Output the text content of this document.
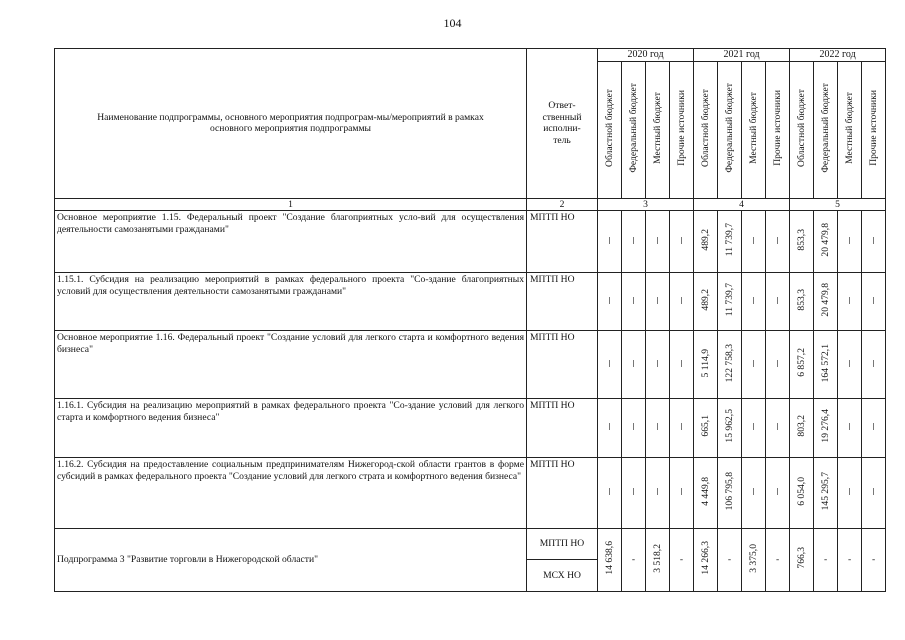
104
Наименование подпрограммы, основного мероприятия подпрограм-мы/мероприятий в рамках основного мероприятия подпрограммы	Ответ-ственный исполни-тель	2020 год				2021 год				2022 год			
		Областной бюджет	Федеральный бюджет	Местный бюджет	Прочие источники	Областной бюджет	Федеральный бюджет	Местный бюджет	Прочие источники	Областной бюджет	Федеральный бюджет	Местный бюджет	Прочие источники
1	2	3				4				5			
Основное мероприятие 1.15. Федеральный проект "Создание благоприятных усло-вий для осуществления деятельности самозанятыми гражданами"	МПТП НО					489,2	11 739,7			853,3	20 479,8		
1.15.1. Субсидия на реализацию мероприятий в рамках федерального проекта "Со-здание благоприятных условий для осуществления деятельности самозанятыми гражданами"	МПТП НО					489,2	11 739,7			853,3	20 479,8		
Основное мероприятие 1.16. Федеральный проект "Создание условий для легкого старта и комфортного ведения бизнеса"	МПТП НО					5 114,9	122 758,3			6 857,2	164 572,1		
1.16.1. Субсидия на реализацию мероприятий в рамках федерального проекта "Со-здание условий для легкого старта и комфортного ведения бизнеса"	МПТП НО					665,1	15 962,5			803,2	19 276,4		
1.16.2. Субсидия на предоставление социальным предпринимателям Нижегород-ской области грантов в форме субсидий в рамках федерального проекта "Создание условий для легкого страта и комфортного ведения бизнеса"	МПТП НО					4 449,8	106 795,8			6 054,0	145 295,7		
Подпрограмма 3 "Развитие торговли в Нижегородской области"	МПТП НО	14 638,6	-	3 518,2	-	14 266,3	-	3 375,0	-	766,3	-	-	-
	МСХ НО												
